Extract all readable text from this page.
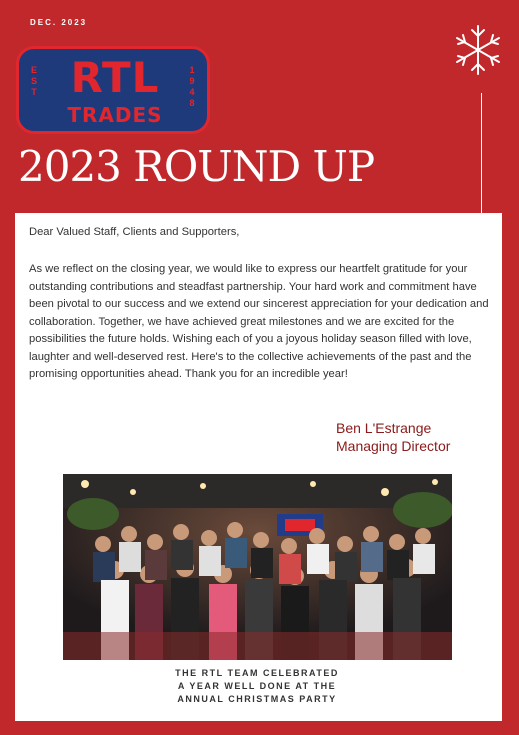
DEC. 2023
E
S
T RTL
TRADES
1
9
4
8
2023 ROUND UP
Dear Valued Staff, Clients and Supporters,

As we reflect on the closing year, we would like to express our heartfelt gratitude for your outstanding contributions and steadfast partnership. Your hard work and commitment have been pivotal to our success and we extend our sincerest appreciation for your dedication and collaboration. Together, we have achieved great milestones and we are excited for the possibilities the future holds. Wishing each of you a joyous holiday season filled with love, laughter and well-deserved rest. Here's to the collective achievements of the past and the promising opportunities ahead. Thank you for an incredible year!

Ben L'Estrange
Managing Director
THE RTL TEAM CELEBRATED
A YEAR WELL DONE AT THE
ANNUAL CHRISTMAS PARTY
